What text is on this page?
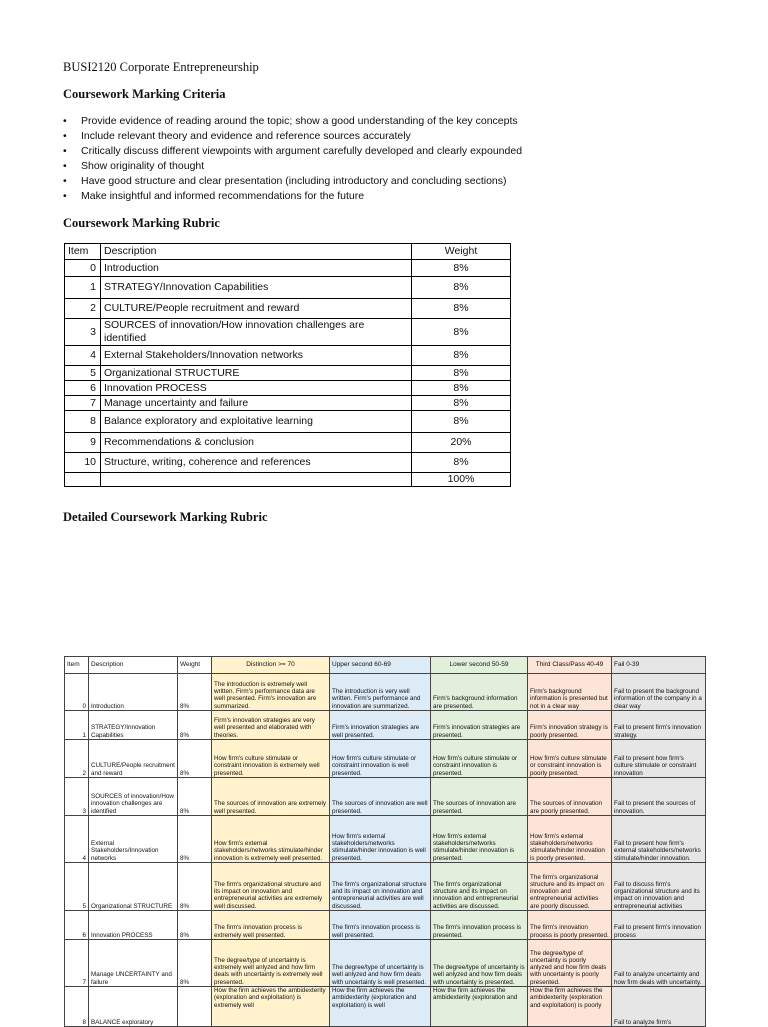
BUSI2120 Corporate Entrepreneurship
Coursework Marking Criteria
• Provide evidence of reading around the topic; show a good understanding of the key concepts
• Include relevant theory and evidence and reference sources accurately
• Critically discuss different viewpoints with argument carefully developed and clearly expounded
• Show originality of thought
• Have good structure and clear presentation (including introductory and concluding sections)
• Make insightful and informed recommendations for the future
Coursework Marking Rubric
Item	Description	Weight
0	Introduction	8%
1	STRATEGY/Innovation Capabilities	8%
2	CULTURE/People recruitment and reward	8%
3	SOURCES of innovation/How innovation challenges are identified	8%
4	External Stakeholders/Innovation networks	8%
5	Organizational STRUCTURE	8%
6	Innovation PROCESS	8%
7	Manage uncertainty and failure	8%
8	Balance exploratory and exploitative learning	8%
9	Recommendations & conclusion	20%
10	Structure, writing, coherence and references	8%
		100%
Detailed Coursework Marking Rubric
Item	Description	Weight	Distinction >= 70	Upper second 60-69	Lower second 50-59	Third Class/Pass 40-49	Fail 0-39
0	Introduction	8%	The introduction is extremely well written. Firm's performance data are well presented. Firm's innovation are summarized.	The introduction is very well written. Firm's performance and innovation are summarized.	Firm's background information are presented.	Firm's background information is presented but not in a clear way	Fail to present the background information of the company in a clear way
1	STRATEGY/Innovation Capabilities	8%	Firm's innovation strategies are very well presented and elaborated with theories.	Firm's innovation strategies are well presented.	Firm's innovation strategies are presented.	Firm's innovation strategy is poorly presented.	Fail to present firm's innovation strategy.
2	CULTURE/People recruitment and reward	8%	How firm's culture stimulate or constraint innovation is extremely well presented.	How firm's culture stimulate or constraint innovation is well presented.	How firm's culture stimulate or constraint innovation is presented.	How firm's culture stimulate or constraint innovation is poorly presented.	Fail to present how firm's culture stimulate or constraint innovation
3	SOURCES of innovation/How innovation challenges are identified	8%	The sources of innovation are extremely well presented.	The sources of innovation are well presented.	The sources of innovation are presented.	The sources of innovation are poorly presented.	Fail to present the sources of innovation.
4	External Stakeholders/Innovation networks	8%	How firm's external stakeholders/networks stimulate/hinder innovation is extremely well presented.	How firm's external stakeholders/networks stimulate/hinder innovation is well presented.	How firm's external stakeholders/networks stimulate/hinder innovation is presented.	How firm's external stakeholders/networks stimulate/hinder innovation is poorly presented.	Fail to present how firm's external stakeholders/networks stimulate/hinder innovation.
5	Organizational STRUCTURE	8%	The firm's organizational structure and its impact on innovation and entrepreneurial activities are extremely well discussed.	The firm's organizational structure and its impact on innovation and entrepreneurial activities are well discussed.	The firm's organizational structure and its impact on innovation and entrepreneurial activities are discussed.	The firm's organizational structure and its impact on innovation and entrepreneurial activities are poorly discussed.	Fail to discuss firm's organizational structure and its impact on innovation and entrepreneurial activities
6	Innovation PROCESS	8%	The firm's innovation process is extremely well presented.	The firm's innovation process is well presented.	The firm's innovation process is presented.	The firm's innovation process is poorly presented.	Fail to present firm's innovation process
7	Manage UNCERTAINTY and failure	8%	The degree/type of uncertainty is extremely well anlyzed and how firm deals with uncertainty is extremely well presented.	The degree/type of uncertainty is well anlyzed and how firm deals with uncertainty is well presented.	The degree/type of uncertainty is well anlyzed and how firm deals with uncertainty is presented.	The degree/type of uncertainty is poorly anlyzed and how firm deals with uncertainty is poorly presented.	Fail to analyze uncertainty and how firm deals with uncertainty.
8	BALANCE exploratory		How the firm achieves the ambidexterity (exploration and exploitation) is extremely well	How the firm achieves the ambidexterity (exploration and exploitation) is well	How the firm achieves the ambidexterity (exploration and	How the firm achieves the ambidexterity (exploration and exploitation) is poorly	Fail to analyze firm's
